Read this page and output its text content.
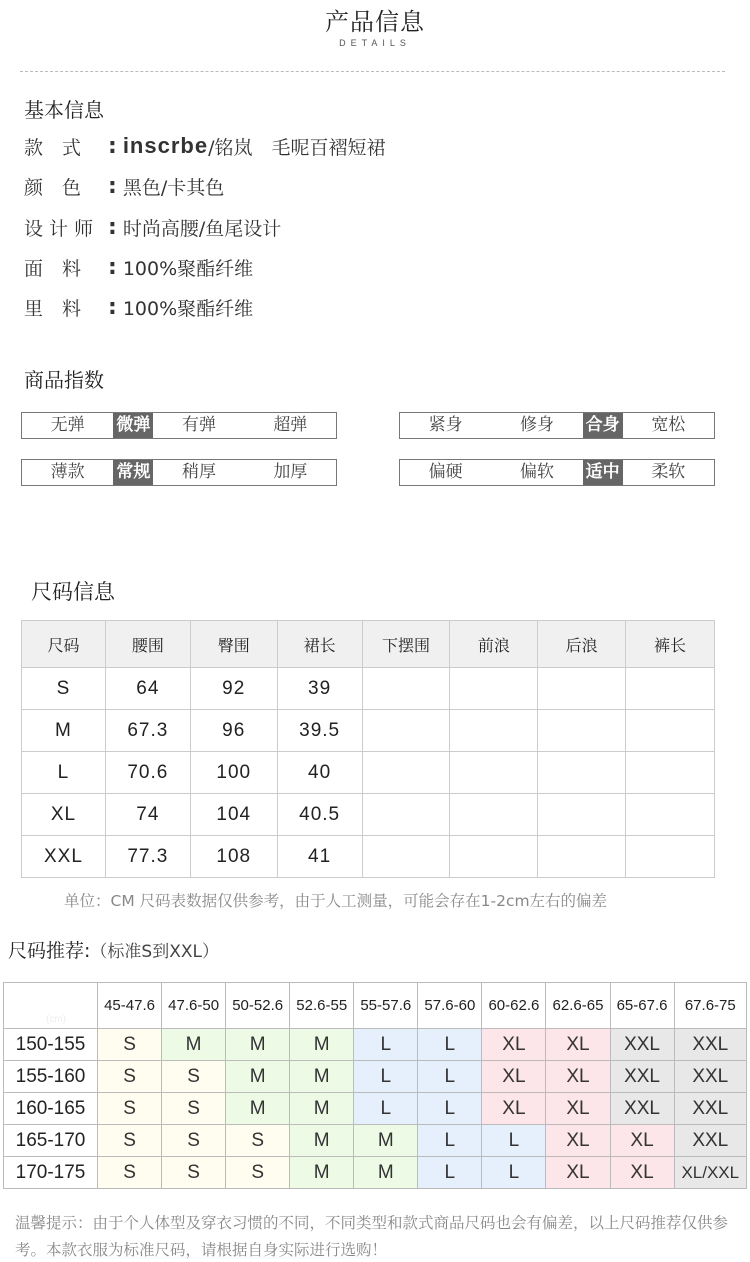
产品信息
DETAILS
基本信息
款　式	: inscrbe /铭岚　毛呢百褶短裙
颜　色	: 黑色/卡其色
设 计 师 : 时尚高腰/鱼尾设计
面　料	: 100%聚酯纤维
里　料	: 100%聚酯纤维
商品指数
无弹	微弹	有弹	超弹	紧身	修身	合身	宽松
薄款	常规	稍厚	加厚	偏硬	偏软	适中	柔软
尺码信息
尺码	腰围	臀围	裙长	下摆围	前浪	后浪	裤长
S	64	92	39				
M	67.3	96	39.5				
L	70.6	100	40				
XL	74	104	40.5				
XXL	77.3	108	41				
单位：CM 尺码表数据仅供参考，由于人工测量，可能会存在1-2cm左右的偏差
尺码推荐:（标准S到XXL）
体重
(kg)
身高 (cm)	45-47.6	47.6-50	50-52.6	52.6-55	55-57.6	57.6-60	60-62.6	62.6-65	65-67.6	67.6-75
150-155	S	M	M	M	L	L	XL	XL	XXL	XXL
155-160	S	S	M	M	L	L	XL	XL	XXL	XXL
160-165	S	S	M	M	L	L	XL	XL	XXL	XXL
165-170	S	S	S	M	M	L	L	XL	XL	XXL
170-175	S	S	S	M	M	L	L	XL	XL	XL/XXL
温馨提示：由于个人体型及穿衣习惯的不同，不同类型和款式商品尺码也会有偏差，以上尺码推荐仅供参考。本款衣服为标准尺码，请根据自身实际进行选购！
